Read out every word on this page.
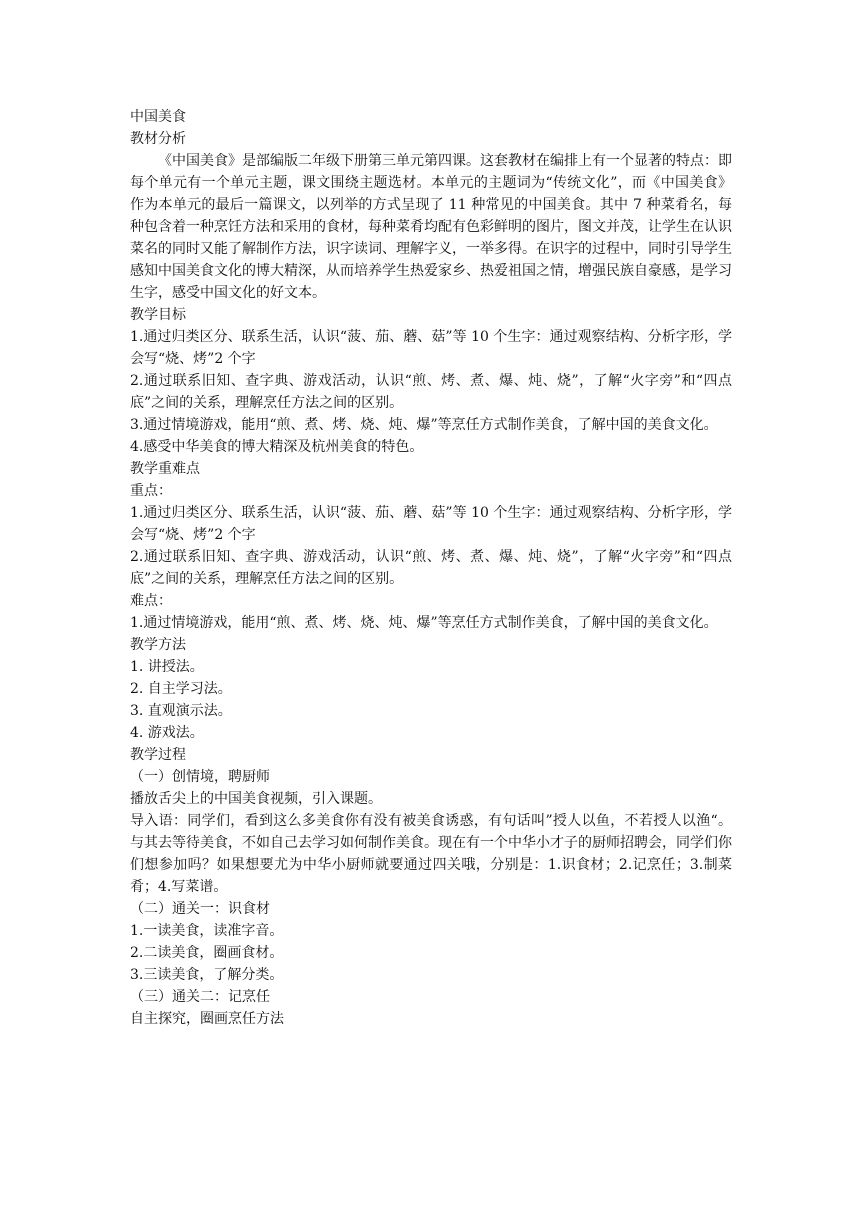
中国美食

教材分析

《中国美食》是部编版二年级下册第三单元第四课。这套教材在编排上有一个显著的特点：即每个单元有一个单元主题，课文围绕主题选材。本单元的主题词为“传统文化”，而《中国美食》作为本单元的最后一篇课文，以列举的方式呈现了 11 种常见的中国美食。其中 7 种菜肴名，每种包含着一种烹饪方法和采用的食材，每种菜肴均配有色彩鲜明的图片，图文并茂，让学生在认识菜名的同时又能了解制作方法，识字读词、理解字义，一举多得。在识字的过程中，同时引导学生感知中国美食文化的博大精深，从而培养学生热爱家乡、热爱祖国之情，增强民族自豪感，是学习生字，感受中国文化的好文本。

教学目标

1.通过归类区分、联系生活，认识“菠、茄、蘑、菇”等 10 个生字：通过观察结构、分析字形，学会写“烧、烤”2 个字

2.通过联系旧知、查字典、游戏活动，认识“煎、烤、煮、爆、炖、烧”，了解“火字旁”和“四点底”之间的关系，理解烹任方法之间的区别。

3.通过情境游戏，能用“煎、煮、烤、烧、炖、爆”等烹任方式制作美食，了解中国的美食文化。

4.感受中华美食的博大精深及杭州美食的特色。

教学重难点

重点：

1.通过归类区分、联系生活，认识“菠、茄、蘑、菇”等 10 个生字：通过观察结构、分析字形，学会写“烧、烤”2 个字

2.通过联系旧知、查字典、游戏活动，认识“煎、烤、煮、爆、炖、烧”，了解“火字旁”和“四点底”之间的关系，理解烹任方法之间的区别。

难点：

1.通过情境游戏，能用“煎、煮、烤、烧、炖、爆”等烹任方式制作美食，了解中国的美食文化。

教学方法

1. 讲授法。

2. 自主学习法。

3. 直观演示法。

4. 游戏法。

教学过程

（一）创情境，聘厨师

播放舌尖上的中国美食视频，引入课题。

导入语：同学们，看到这么多美食你有没有被美食诱惑，有句话叫”授人以鱼，不若授人以渔“。与其去等待美食，不如自己去学习如何制作美食。现在有一个中华小才子的厨师招聘会，同学们你们想参加吗？如果想要尤为中华小厨师就要通过四关哦，分别是：1.识食材；2.记烹任；3.制菜肴；4.写菜谱。

（二）通关一：识食材

1.一读美食，读准字音。

2.二读美食，圈画食材。

3.三读美食，了解分类。

（三）通关二：记烹任

自主探究，圈画烹任方法
